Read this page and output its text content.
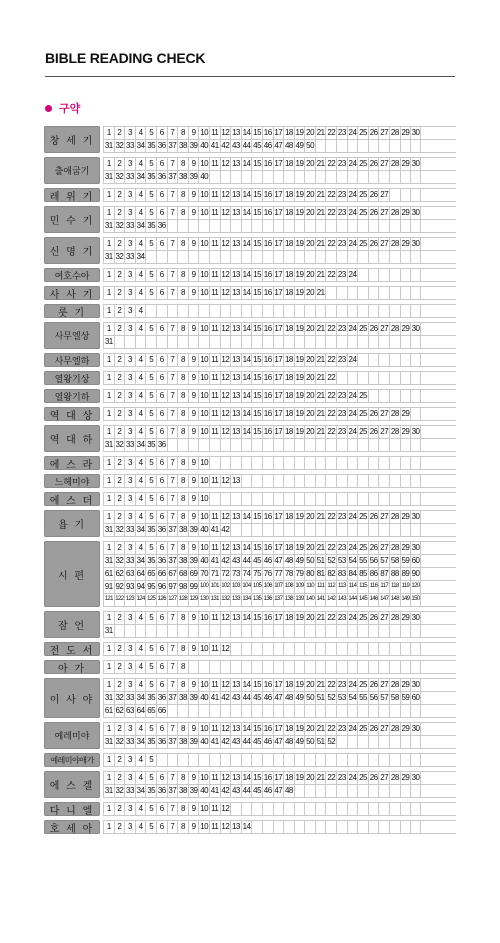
BIBLE READING CHECK
구약
창 세 기
1 2 3 4 5 6 7 8 9 10 11 12 13 14 15 16 17 18 19 20 21 22 23 24 25 26 27 28 29 30
31 32 33 34 35 36 37 38 39 40 41 42 43 44 45 46 47 48 49 50
출애굽기
1 2 3 4 5 6 7 8 9 10 11 12 13 14 15 16 17 18 19 20 21 22 23 24 25 26 27 28 29 30
31 32 33 34 35 36 37 38 39 40
레 위 기	1 2 3 4 5 6 7 8 9 10 11 12 13 14 15 16 17 18 19 20 21 22 23 24 25 26 27
민 수 기
1 2 3 4 5 6 7 8 9 10 11 12 13 14 15 16 17 18 19 20 21 22 23 24 25 26 27 28 29 30
31 32 33 34 35 36
신 명 기
1 2 3 4 5 6 7 8 9 10 11 12 13 14 15 16 17 18 19 20 21 22 23 24 25 26 27 28 29 30
31 32 33 34
여호수아	1 2 3 4 5 6 7 8 9 10 11 12 13 14 15 16 17 18 19 20 21 22 23 24
사 사 기	1 2 3 4 5 6 7 8 9 10 11 12 13 14 15 16 17 18 19 20 21
룻 기	1 2 3 4
사무엘상
1 2 3 4 5 6 7 8 9 10 11 12 13 14 15 16 17 18 19 20 21 22 23 24 25 26 27 28 29 30
31
사무엘하	1 2 3 4 5 6 7 8 9 10 11 12 13 14 15 16 17 18 19 20 21 22 23 24
열왕기상	1 2 3 4 5 6 7 8 9 10 11 12 13 14 15 16 17 18 19 20 21 22
열왕기하	1 2 3 4 5 6 7 8 9 10 11 12 13 14 15 16 17 18 19 20 21 22 23 24 25
역 대 상	1 2 3 4 5 6 7 8 9 10 11 12 13 14 15 16 17 18 19 20 21 22 23 24 25 26 27 28 29
역 대 하
1 2 3 4 5 6 7 8 9 10 11 12 13 14 15 16 17 18 19 20 21 22 23 24 25 26 27 28 29 30
31 32 33 34 35 36
에 스 라	1 2 3 4 5 6 7 8 9 10
느헤미야	1 2 3 4 5 6 7 8 9 10 11 12 13
에 스 더	1 2 3 4 5 6 7 8 9 10
욥 기
1 2 3 4 5 6 7 8 9 10 11 12 13 14 15 16 17 18 19 20 21 22 23 24 25 26 27 28 29 30
31 32 33 34 35 36 37 38 39 40 41 42
시 편
1 2 3 4 5 6 7 8 9 10 11 12 13 14 15 16 17 18 19 20 21 22 23 24 25 26 27 28 29 30
31 32 33 34 35 36 37 38 39 40 41 42 43 44 45 46 47 48 49 50 51 52 53 54 55 56 57 58 59 60
61 62 63 64 65 66 67 68 69 70 71 72 73 74 75 76 77 78 79 80 81 82 83 84 85 86 87 88 89 90
91 92 93 94 95 96 97 98 99 100 101 102 103 104 105 106 107 108 109 110 111 112 113 114 115 116 117 118 119 120
121 122 123 124 125 126 127 128 129 130 131 132 133 134 135 136 137 138 139 140 141 142 143 144 145 146 147 148 149 150
잠 언
1 2 3 4 5 6 7 8 9 10 11 12 13 14 15 16 17 18 19 20 21 22 23 24 25 26 27 28 29 30
31
전 도 서	1 2 3 4 5 6 7 8 9 10 11 12
아 가	1 2 3 4 5 6 7 8
이 사 야
1 2 3 4 5 6 7 8 9 10 11 12 13 14 15 16 17 18 19 20 21 22 23 24 25 26 27 28 29 30
31 32 33 34 35 36 37 38 39 40 41 42 43 44 45 46 47 48 49 50 51 52 53 54 55 56 57 58 59 60
61 62 63 64 65 66
예레미야
1 2 3 4 5 6 7 8 9 10 11 12 13 14 15 16 17 18 19 20 21 22 23 24 25 26 27 28 29 30
31 32 33 34 35 36 37 38 39 40 41 42 43 44 45 46 47 48 49 50 51 52
예레미야애가	1 2 3 4 5
에 스 겔
1 2 3 4 5 6 7 8 9 10 11 12 13 14 15 16 17 18 19 20 21 22 23 24 25 26 27 28 29 30
31 32 33 34 35 36 37 38 39 40 41 42 43 44 45 46 47 48
다 니 엘	1 2 3 4 5 6 7 8 9 10 11 12
호 세 아	1 2 3 4 5 6 7 8 9 10 11 12 13 14
